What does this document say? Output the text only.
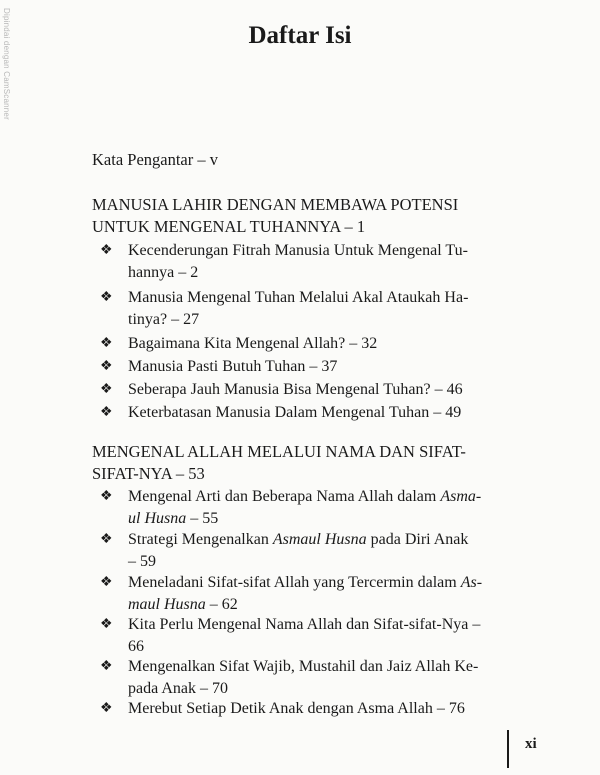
Dipindai dengan CamScanner	Daftar Isi
Kata Pengantar – v
MANUSIA LAHIR DENGAN MEMBAWA POTENSI
UNTUK MENGENAL TUHANNYA – 1
❖ Kecenderungan Fitrah Manusia Untuk Mengenal Tu-
hannya – 2
❖ Manusia Mengenal Tuhan Melalui Akal Ataukah Ha-
tinya? – 27
❖ Bagaimana Kita Mengenal Allah? – 32
❖ Manusia Pasti Butuh Tuhan – 37
❖ Seberapa Jauh Manusia Bisa Mengenal Tuhan? – 46
❖ Keterbatasan Manusia Dalam Mengenal Tuhan – 49
MENGENAL ALLAH MELALUI NAMA DAN SIFAT-
SIFAT-NYA – 53
❖ Mengenal Arti dan Beberapa Nama Allah dalam Asma-
ul Husna – 55
❖ Strategi Mengenalkan Asmaul Husna pada Diri Anak
– 59
❖ Meneladani Sifat-sifat Allah yang Tercermin dalam As-
maul Husna – 62
❖ Kita Perlu Mengenal Nama Allah dan Sifat-sifat-Nya –
66
❖ Mengenalkan Sifat Wajib, Mustahil dan Jaiz Allah Ke-
pada Anak – 70
❖ Merebut Setiap Detik Anak dengan Asma Allah – 76
xi
